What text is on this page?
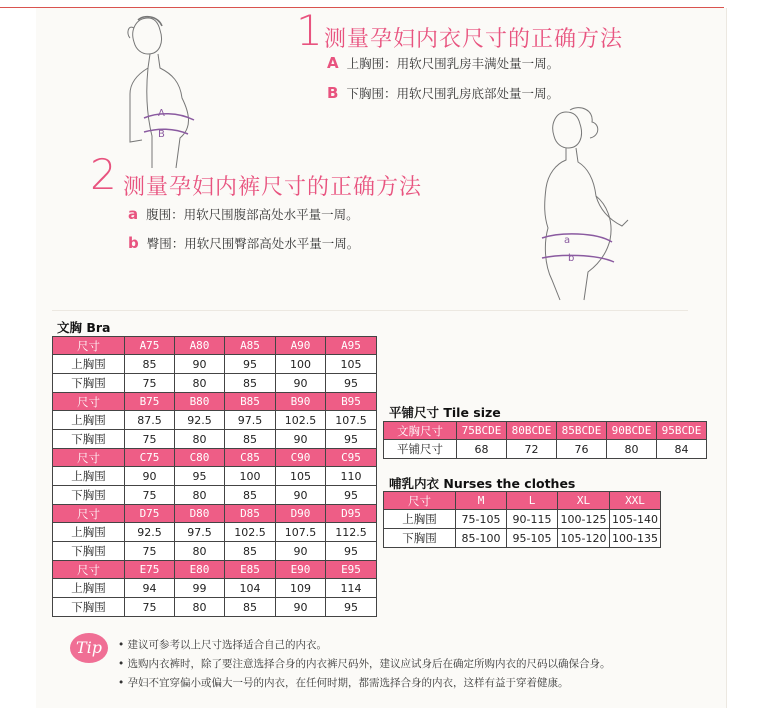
A
B
1 测量孕妇内衣尺寸的正确方法
A 上胸围：用软尺围乳房丰满处量一周。
B 下胸围：用软尺围乳房底部处量一周。
2 测量孕妇内裤尺寸的正确方法
a 腹围：用软尺围腹部高处水平量一周。
b 臀围：用软尺围臀部高处水平量一周。	a
b
文胸 Bra
尺寸	A75	A80	A85	A90	A95
上胸围	85	90	95	100	105
下胸围	75	80	85	90	95
尺寸	B75	B80	B85	B90	B95
上胸围	87.5	92.5	97.5	102.5	107.5
下胸围	75	80	85	90	95
尺寸	C75	C80	C85	C90	C95
上胸围	90	95	100	105	110
下胸围	75	80	85	90	95
尺寸	D75	D80	D85	D90	D95
上胸围	92.5	97.5	102.5	107.5	112.5
下胸围	75	80	85	90	95
尺寸	E75	E80	E85	E90	E95
上胸围	94	99	104	109	114
下胸围	75	80	85	90	95
平铺尺寸 Tile size
文胸尺寸	75BCDE	80BCDE	85BCDE	90BCDE	95BCDE
平铺尺寸	68	72	76	80	84
哺乳内衣 Nurses the clothes
尺寸	M	L	XL	XXL
上胸围	75-105	90-115	100-125	105-140
下胸围	85-100	95-105	105-120	100-135
Tip	• 建议可参考以上尺寸选择适合自己的内衣。
• 选购内衣裤时，除了要注意选择合身的内衣裤尺码外，建议应试身后在确定所购内衣的尺码以确保合身。
• 孕妇不宜穿偏小或偏大一号的内衣，在任何时期，都需选择合身的内衣，这样有益于穿着健康。
